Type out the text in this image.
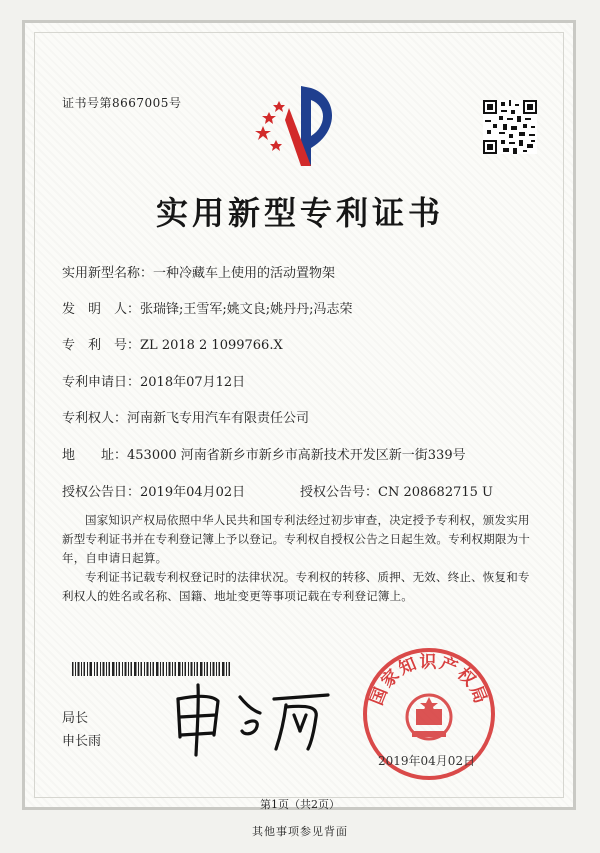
证书号第8667005号
实用新型专利证书
实用新型名称：一种冷藏车上使用的活动置物架
发　明　人：张瑞锋;王雪军;姚文良;姚丹丹;冯志荣
专　利　号：ZL 2018 2 1099766.X
专利申请日：2018年07月12日
专利权人：河南新飞专用汽车有限责任公司
地　　址：453000 河南省新乡市新乡市高新技术开发区新一街339号
授权公告日：2019年04月02日	授权公告号：CN 208682715 U
国家知识产权局依照中华人民共和国专利法经过初步审查，决定授予专利权，颁发实用新型专利证书并在专利登记簿上予以登记。专利权自授权公告之日起生效。专利权期限为十年，自申请日起算。
专利证书记载专利权登记时的法律状况。专利权的转移、质押、无效、终止、恢复和专利权人的姓名或名称、国籍、地址变更等事项记载在专利登记簿上。
局长
申长雨
国家知识产权局
2019年04月02日
第1页（共2页）
其他事项参见背面
